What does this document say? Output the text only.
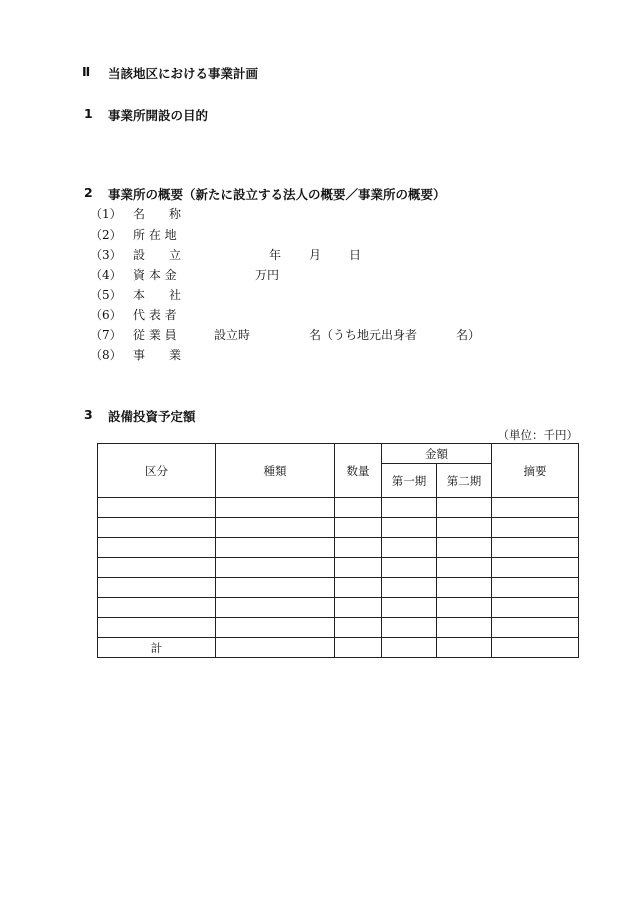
Ⅱ 当該地区における事業計画
1 事業所開設の目的
2 事業所の概要（新たに設立する法人の概要／事業所の概要）
（1） 名　　称
（2） 所 在 地
（3） 設　　立	年 月 日
（4） 資 本 金	万円
（5） 本　　社
（6） 代 表 者
（7） 従 業 員	設立時	名（うち地元出身者	名）
（8） 事　　業
3 設備投資予定額
（単位：千円）
区分	種類	数量	金額		摘要
			第一期	第二期	

計					
